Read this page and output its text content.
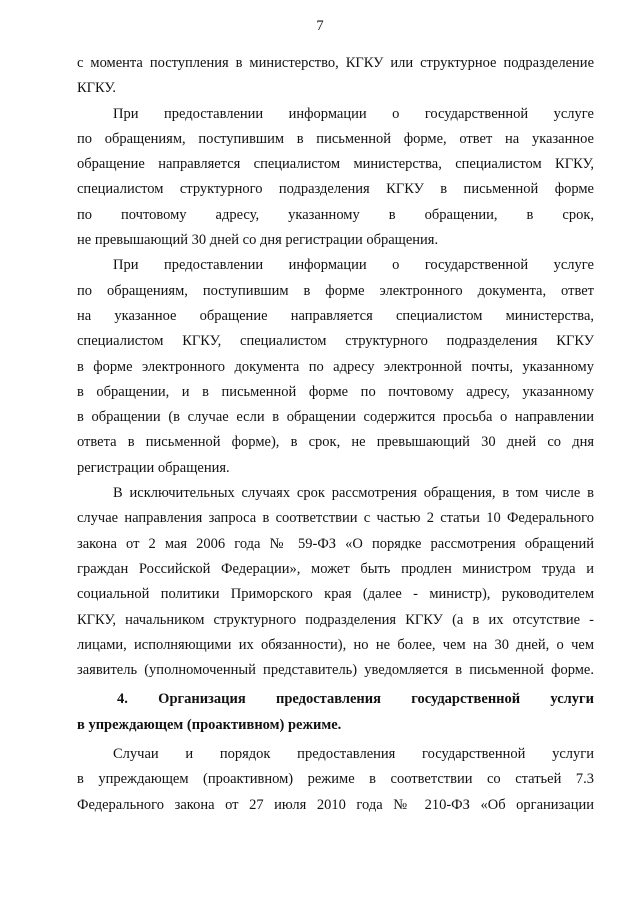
7
с момента поступления в министерство, КГКУ или структурное подразделение
КГКУ.
При предоставлении информации о государственной услуге
по обращениям, поступившим в письменной форме, ответ на указанное
обращение направляется специалистом министерства, специалистом КГКУ,
специалистом структурного подразделения КГКУ в письменной форме
по почтовому адресу, указанному в обращении, в срок,
не превышающий 30 дней со дня регистрации обращения.
При предоставлении информации о государственной услуге
по обращениям, поступившим в форме электронного документа, ответ
на указанное обращение направляется специалистом министерства,
специалистом КГКУ, специалистом структурного подразделения КГКУ
в форме электронного документа по адресу электронной почты, указанному
в обращении, и в письменной форме по почтовому адресу, указанному
в обращении (в случае если в обращении содержится просьба о направлении
ответа в письменной форме), в срок, не превышающий 30 дней со дня
регистрации обращения.
В исключительных случаях срок рассмотрения обращения, в том числе в
случае направления запроса в соответствии с частью 2 статьи 10 Федерального
закона от 2 мая 2006 года № 59-ФЗ «О порядке рассмотрения обращений
граждан Российской Федерации», может быть продлен министром труда и
социальной политики Приморского края (далее - министр), руководителем
КГКУ, начальником структурного подразделения КГКУ (а в их отсутствие -
лицами, исполняющими их обязанности), но не более, чем на 30 дней, о чем
заявитель (уполномоченный представитель) уведомляется в письменной форме.
4. Организация предоставления государственной услуги
в упреждающем (проактивном) режиме.
Случаи и порядок предоставления государственной услуги
в упреждающем (проактивном) режиме в соответствии со статьей 7.3
Федерального закона от 27 июля 2010 года № 210-ФЗ «Об организации
